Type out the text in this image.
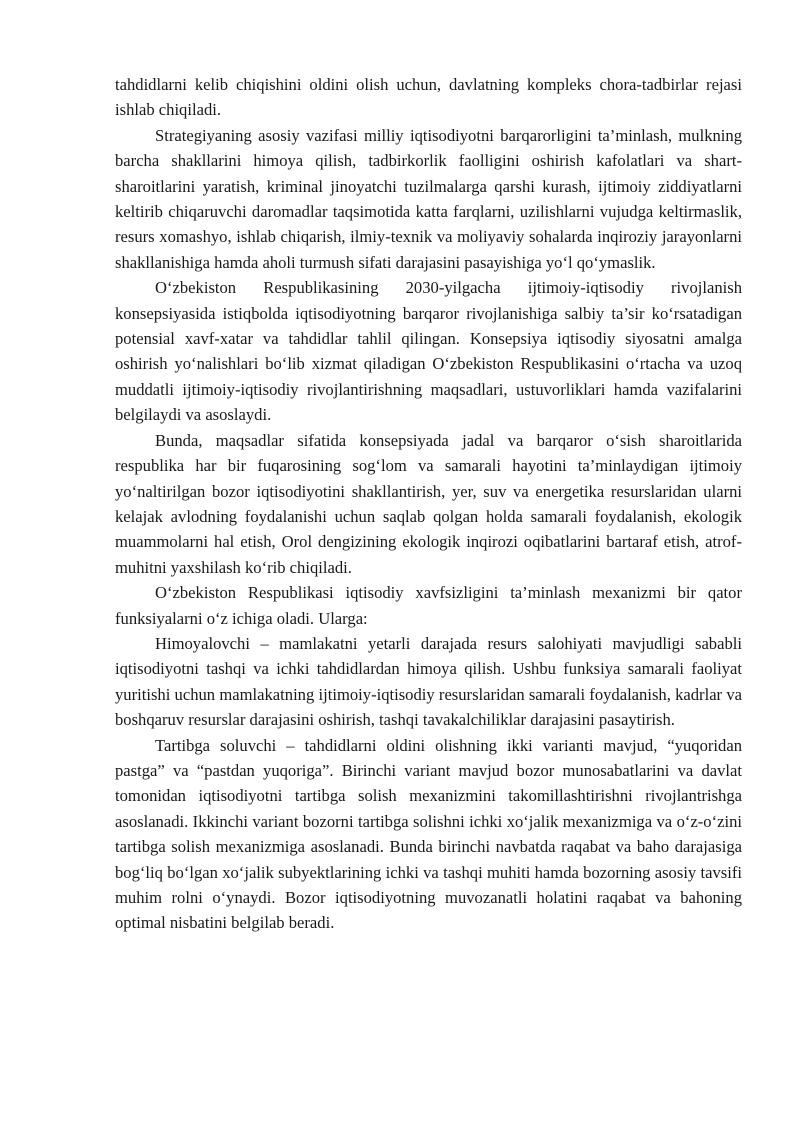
tahdidlarni kelib chiqishini oldini olish uchun, davlatning kompleks chora-tadbirlar rejasi ishlab chiqiladi.

Strategiyaning asosiy vazifasi milliy iqtisodiyotni barqarorligini ta’minlash, mulkning barcha shakllarini himoya qilish, tadbirkorlik faolligini oshirish kafolatlari va shart-sharoitlarini yaratish, kriminal jinoyatchi tuzilmalarga qarshi kurash, ijtimoiy ziddiyatlarni keltirib chiqaruvchi daromadlar taqsimotida katta farqlarni, uzilishlarni vujudga keltirmaslik, resurs xomashyo, ishlab chiqarish, ilmiy-texnik va moliyaviy sohalarda inqiroziy jarayonlarni shakllanishiga hamda aholi turmush sifati darajasini pasayishiga yo‘l qo‘ymaslik.

O‘zbekiston Respublikasining 2030-yilgacha ijtimoiy-iqtisodiy rivojlanish konsepsiyasida istiqbolda iqtisodiyotning barqaror rivojlanishiga salbiy ta’sir ko‘rsatadigan potensial xavf-xatar va tahdidlar tahlil qilingan. Konsepsiya iqtisodiy siyosatni amalga oshirish yo‘nalishlari bo‘lib xizmat qiladigan O‘zbekiston Respublikasini o‘rtacha va uzoq muddatli ijtimoiy-iqtisodiy rivojlantirishning maqsadlari, ustuvorliklari hamda vazifalarini belgilaydi va asoslaydi.

Bunda, maqsadlar sifatida konsepsiyada jadal va barqaror o‘sish sharoitlarida respublika har bir fuqarosining sog‘lom va samarali hayotini ta’minlaydigan ijtimoiy yo‘naltirilgan bozor iqtisodiyotini shakllantirish, yer, suv va energetika resurslaridan ularni kelajak avlodning foydalanishi uchun saqlab qolgan holda samarali foydalanish, ekologik muammolarni hal etish, Orol dengizining ekologik inqirozi oqibatlarini bartaraf etish, atrof-muhitni yaxshilash ko‘rib chiqiladi.

O‘zbekiston Respublikasi iqtisodiy xavfsizligini ta’minlash mexanizmi bir qator funksiyalarni o‘z ichiga oladi. Ularga:

Himoyalovchi – mamlakatni yetarli darajada resurs salohiyati mavjudligi sababli iqtisodiyotni tashqi va ichki tahdidlardan himoya qilish. Ushbu funksiya samarali faoliyat yuritishi uchun mamlakatning ijtimoiy-iqtisodiy resurslaridan samarali foydalanish, kadrlar va boshqaruv resurslar darajasini oshirish, tashqi tavakalchiliklar darajasini pasaytirish.

Tartibga soluvchi – tahdidlarni oldini olishning ikki varianti mavjud, “yuqoridan pastga” va “pastdan yuqoriga”. Birinchi variant mavjud bozor munosabatlarini va davlat tomonidan iqtisodiyotni tartibga solish mexanizmini takomillashtirishni rivojlantrishga asoslanadi. Ikkinchi variant bozorni tartibga solishni ichki xo‘jalik mexanizmiga va o‘z-o‘zini tartibga solish mexanizmiga asoslanadi. Bunda birinchi navbatda raqabat va baho darajasiga bog‘liq bo‘lgan xo‘jalik subyektlarining ichki va tashqi muhiti hamda bozorning asosiy tavsifi muhim rolni o‘ynaydi. Bozor iqtisodiyotning muvozanatli holatini raqabat va bahoning optimal nisbatini belgilab beradi.
